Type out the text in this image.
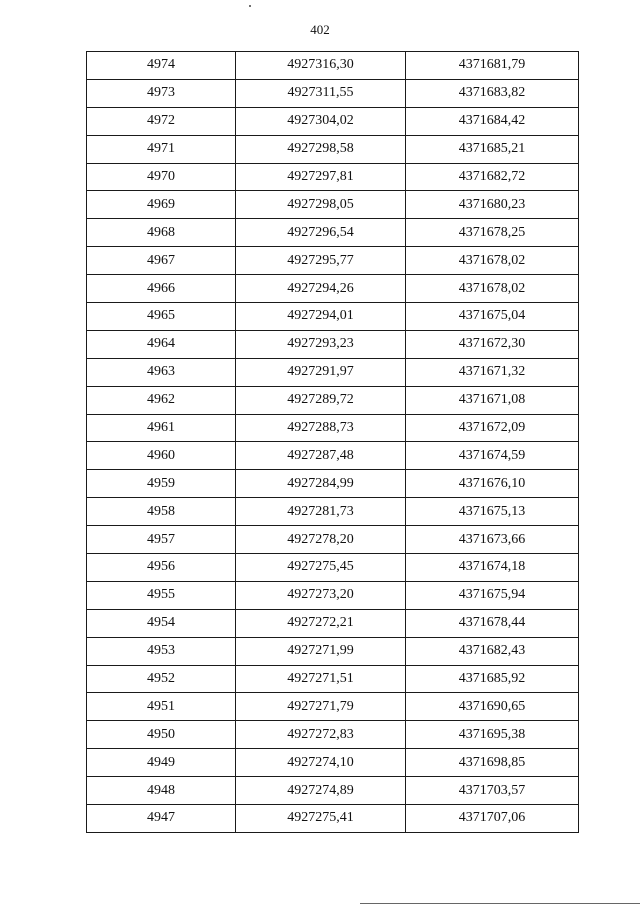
402
4974	4927316,30	4371681,79
4973	4927311,55	4371683,82
4972	4927304,02	4371684,42
4971	4927298,58	4371685,21
4970	4927297,81	4371682,72
4969	4927298,05	4371680,23
4968	4927296,54	4371678,25
4967	4927295,77	4371678,02
4966	4927294,26	4371678,02
4965	4927294,01	4371675,04
4964	4927293,23	4371672,30
4963	4927291,97	4371671,32
4962	4927289,72	4371671,08
4961	4927288,73	4371672,09
4960	4927287,48	4371674,59
4959	4927284,99	4371676,10
4958	4927281,73	4371675,13
4957	4927278,20	4371673,66
4956	4927275,45	4371674,18
4955	4927273,20	4371675,94
4954	4927272,21	4371678,44
4953	4927271,99	4371682,43
4952	4927271,51	4371685,92
4951	4927271,79	4371690,65
4950	4927272,83	4371695,38
4949	4927274,10	4371698,85
4948	4927274,89	4371703,57
4947	4927275,41	4371707,06
